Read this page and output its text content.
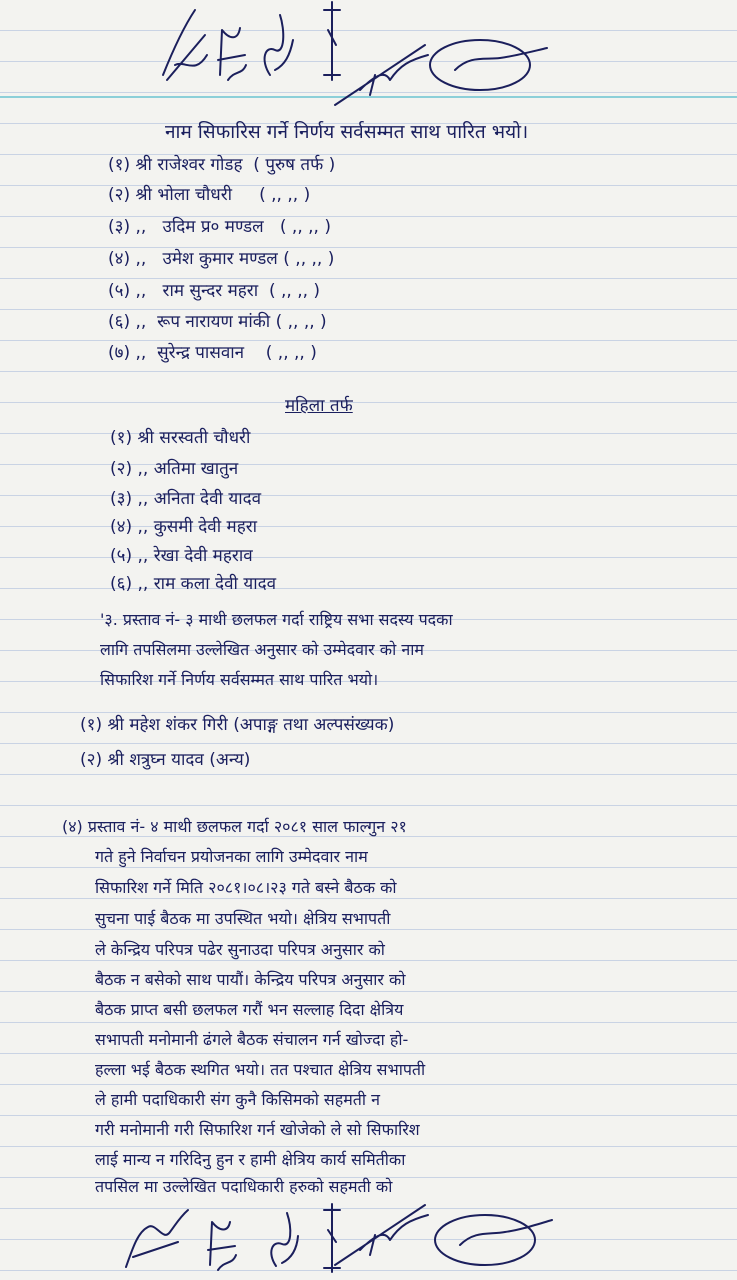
नाम सिफारिस गर्ने निर्णय सर्वसम्मत साथ पारित भयो।
(१) श्री राजेश्वर गोडह ( पुरुष तर्फ )
(२) श्री भोला चौधरी ( ,, ,, )
(३) ,, उदिम प्र० मण्डल ( ,, ,, )
(४) ,, उमेश कुमार मण्डल ( ,, ,, )
(५) ,, राम सुन्दर महरा ( ,, ,, )
(६) ,, रूप नारायण मांकी ( ,, ,, )
(७) ,, सुरेन्द्र पासवान ( ,, ,, )
महिला तर्फ
(१) श्री सरस्वती चौधरी
(२) ,, अतिमा खातुन
(३) ,, अनिता देवी यादव
(४) ,, कुसमी देवी महरा
(५) ,, रेखा देवी महराव
(६) ,, राम कला देवी यादव
'३. प्रस्ताव नं- ३ माथी छलफल गर्दा राष्ट्रिय सभा सदस्य पदका
लागि तपसिलमा उल्लेखित अनुसार को उम्मेदवार को नाम
सिफारिश गर्ने निर्णय सर्वसम्मत साथ पारित भयो।
(१) श्री महेश शंकर गिरी (अपाङ्ग तथा अल्पसंख्यक)
(२) श्री शत्रुघ्न यादव (अन्य)
(४) प्रस्ताव नं- ४ माथी छलफल गर्दा २०८१ साल फाल्गुन २१
गते हुने निर्वाचन प्रयोजनका लागि उम्मेदवार नाम
सिफारिश गर्ने मिति २०८१।०८।२३ गते बस्ने बैठक को
सुचना पाई बैठक मा उपस्थित भयो। क्षेत्रिय सभापती
ले केन्द्रिय परिपत्र पढेर सुनाउदा परिपत्र अनुसार को
बैठक न बसेको साथ पायौं। केन्द्रिय परिपत्र अनुसार को
बैठक प्राप्त बसी छलफल गरौं भन सल्लाह दिदा क्षेत्रिय
सभापती मनोमानी ढंगले बैठक संचालन गर्न खोज्दा हो-
हल्ला भई बैठक स्थगित भयो। तत पश्चात क्षेत्रिय सभापती
ले हामी पदाधिकारी संग कुनै किसिमको सहमती न
गरी मनोमानी गरी सिफारिश गर्न खोजेको ले सो सिफारिश
लाई मान्य न गरिदिनु हुन र हामी क्षेत्रिय कार्य समितीका
तपसिल मा उल्लेखित पदाधिकारी हरुको सहमती को
